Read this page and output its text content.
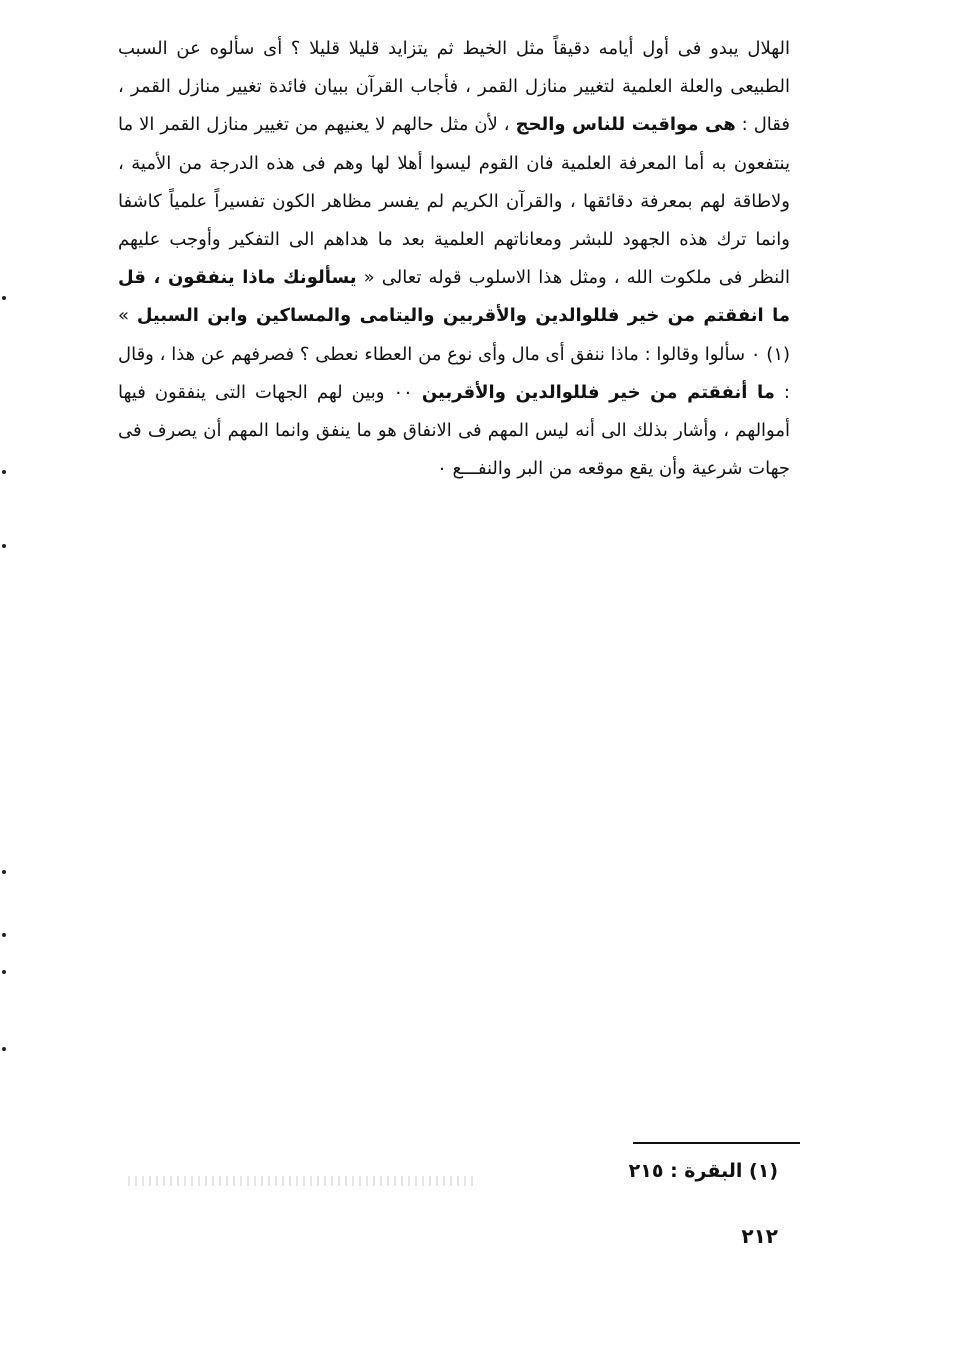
الهلال يبدو فى أول أيامه دقيقاً مثل الخيط ثم يتزايد قليلا قليلا ؟ أى سألوه عن السبب الطبيعى والعلة العلمية لتغيير منازل القمر ، فأجاب القرآن ببيان فائدة تغيير منازل القمر ، فقال : هى مواقيت للناس والحج ، لأن مثل حالهم لا يعنيهم من تغيير منازل القمر الا ما ينتفعون به أما المعرفة العلمية فان القوم ليسوا أهلا لها وهم فى هذه الدرجة من الأمية ، ولاطاقة لهم بمعرفة دقائقها ، والقرآن الكريم لم يفسر مظاهر الكون تفسيراً علمياً كاشفا وانما ترك هذه الجهود للبشر ومعاناتهم العلمية بعد ما هداهم الى التفكير وأوجب عليهم النظر فى ملكوت الله ، ومثل هذا الاسلوب قوله تعالى « يسألونك ماذا ينفقون ، قل ما انفقتم من خير فللوالدين والأقربين واليتامى والمساكين وابن السبيل » (١) ٠ سألوا وقالوا : ماذا ننفق أى مال وأى نوع من العطاء نعطى ؟ فصرفهم عن هذا ، وقال : ما أنفقتم من خير فللوالدين والأقربين ٠٠ وبين لهم الجهات التى ينفقون فيها أموالهم ، وأشار بذلك الى أنه ليس المهم فى الانفاق هو ما ينفق وانما المهم أن يصرف فى جهات شرعية وأن يقع موقعه من البر والنفـــع ٠

(١) البقرة : ٢١٥
٢١٢
